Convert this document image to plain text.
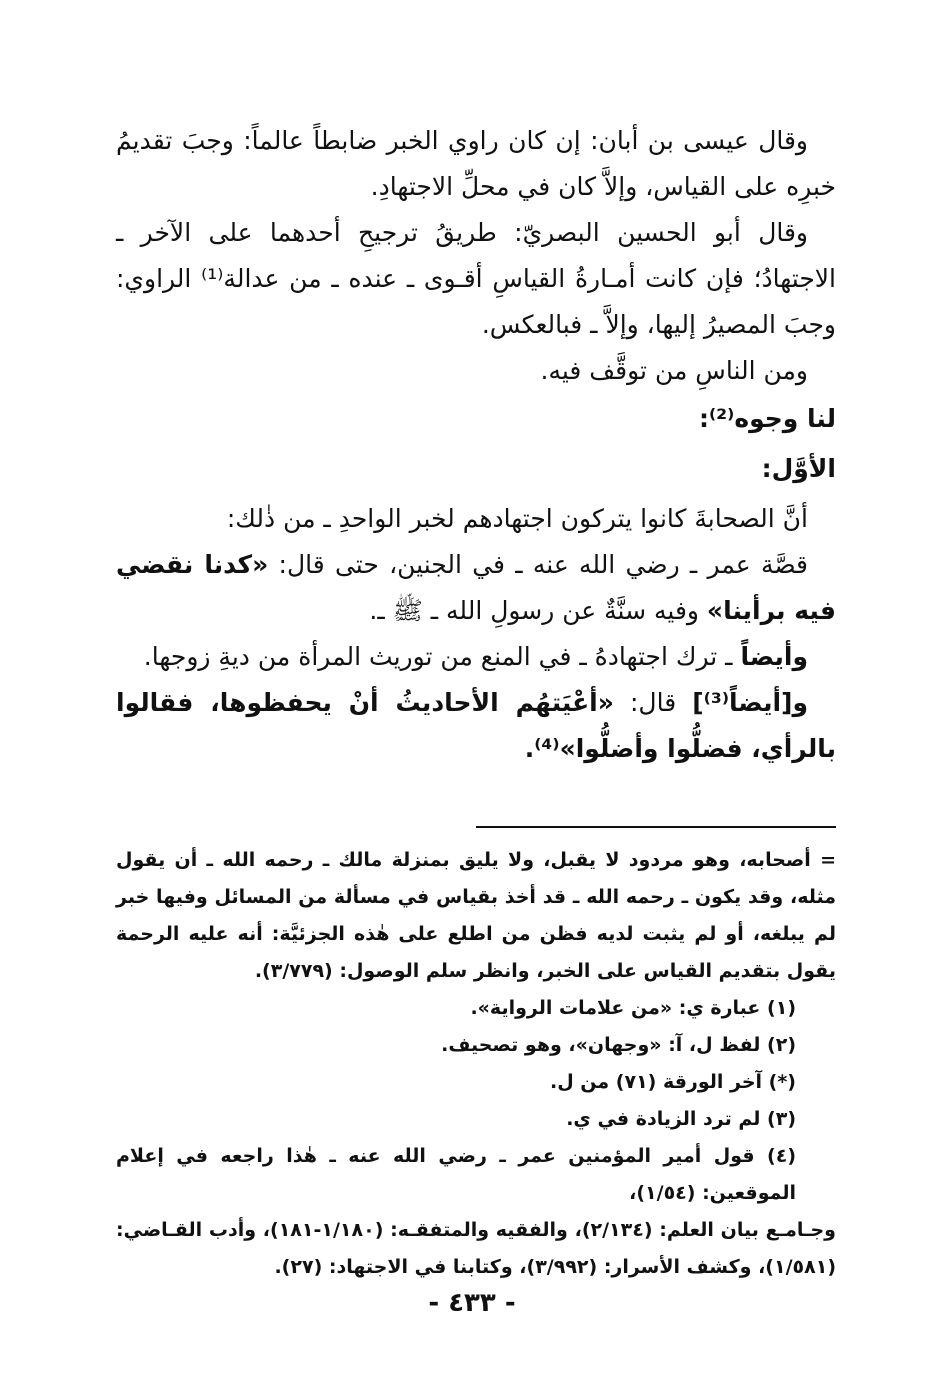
وقال عيسى بن أبان: إن كان راوي الخبر ضابطاً عالماً: وجبَ تقديمُ خبرِه على القياس، وإلاَّ كان في محلِّ الاجتهادِ.

وقال أبو الحسين البصريّ: طريقُ ترجيحِ أحدهما على الآخر ـ الاجتهادُ؛ فإن كانت أمـارةُ القياسِ أقـوى ـ عنده ـ من عدالة⁽¹⁾ الراوي: وجبَ المصيرُ إليها، وإلاَّ ـ فبالعكس.

ومن الناسِ من توقَّف فيه.

لنا وجوه⁽²⁾:

الأوَّل:

أنَّ الصحابةَ كانوا يتركون اجتهادهم لخبر الواحدِ ـ من ذٰلك:

قصَّة عمر ـ رضي الله عنه ـ في الجنين، حتى قال: «كدنا نقضي فيه برأينا» وفيه سنَّةٌ عن رسولِ الله ـ ﷺ ـ.

وأيضاً ـ ترك اجتهادهُ ـ في المنع من توريث المرأة من ديةِ زوجها.

و[أيضاً⁽³⁾] قال: «أعْيَتهُم الأحاديثُ أنْ يحفظوها، فقالوا بالرأي، فضلُّوا وأضلُّوا»⁽⁴⁾.

= أصحابه، وهو مردود لا يقبل، ولا يليق بمنزلة مالك ـ رحمه الله ـ أن يقول مثله، وقد يكون ـ رحمه الله ـ قد أخذ بقياس في مسألة من المسائل وفيها خبر لم يبلغه، أو لم يثبت لديه فظن من اطلع على هٰذه الجزئيَّة: أنه عليه الرحمة يقول بتقديم القياس على الخبر، وانظر سلم الوصول: (٣/٧٧٩).

(١) عبارة ي: «من علامات الرواية».

(٢) لفظ ل، آ: «وجهان»، وهو تصحيف.

(*) آخر الورقة (٧١) من ل.

(٣) لم ترد الزيادة في ي.

(٤) قول أمير المؤمنين عمر ـ رضي الله عنه ـ هٰذا راجعه في إعلام الموقعين: (١/٥٤)،

وجـامـع بيان العلم: (٢/١٣٤)، والفقيه والمتفقـه: (١/١٨٠-١٨١)، وأدب القـاضي: (١/٥٨١)، وكشف الأسرار: (٣/٩٩٢)، وكتابنا في الاجتهاد: (٢٧).

- ٤٣٣ -
